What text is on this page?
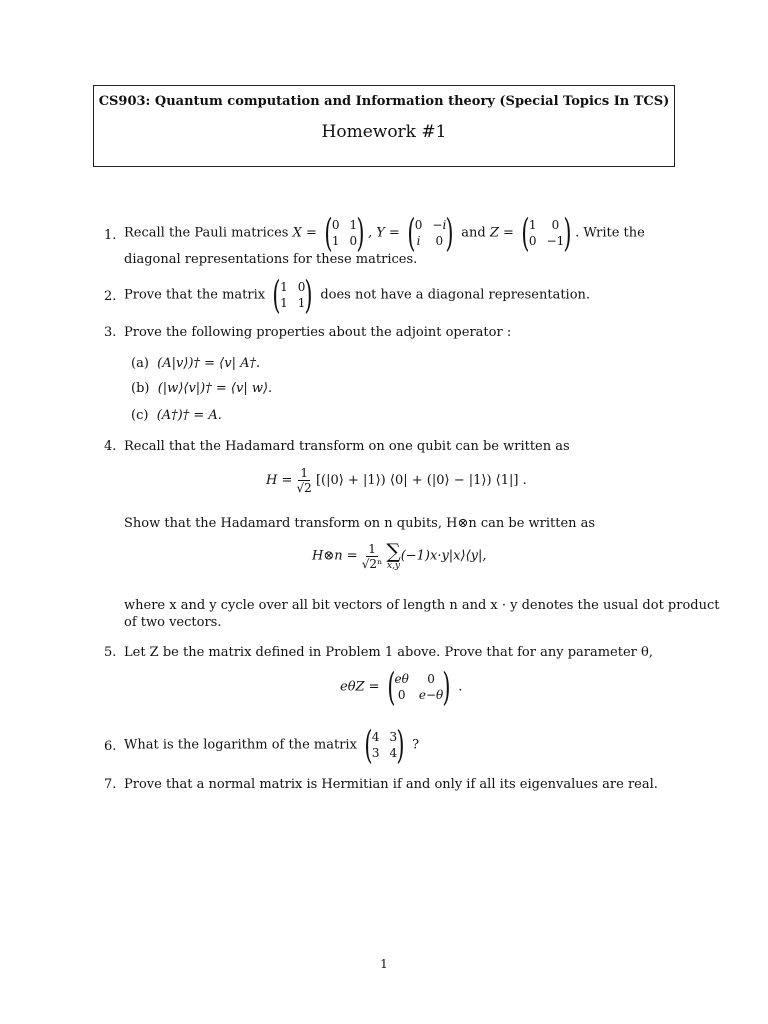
CS903: Quantum computation and Information theory (Special Topics In TCS)
Homework #1
1. Recall the Pauli matrices X = ( 0 1
1 0 ) , Y = ( 0 −i
i 0 ) and Z = ( 1	0
0 −1 ) . Write the
diagonal representations for these matrices.
2. Prove that the matrix ( 1 0
1 1 ) does not have a diagonal representation.
3. Prove the following properties about the adjoint operator :
(a) (A|v⟩)† = ⟨v| A†.
(b) (|w⟩⟨v|)† = ⟨v| w⟩.
(c) (A†)† = A.
4. Recall that the Hadamard transform on one qubit can be written as
$H = \frac{1}{√2}$ [(|0⟩ + |1⟩) ⟨0| + (|0⟩ − |1⟩) ⟨1|] .
Show that the Hadamard transform on n qubits, H⊗n can be written as
H⊗n = $\frac{1}{\text{√2ⁿ}}$
∑
x,y
(−1)x·y|x⟩⟨y|,
where x and y cycle over all bit vectors of length n and x · y denotes the usual dot product
of two vectors.
5. Let Z be the matrix defined in Problem 1 above. Prove that for any parameter θ,
eθZ = ( eθ	0
0 e−θ ) .
6. What is the logarithm of the matrix ( 4 3
3 4 ) ?
7. Prove that a normal matrix is Hermitian if and only if all its eigenvalues are real.
1
